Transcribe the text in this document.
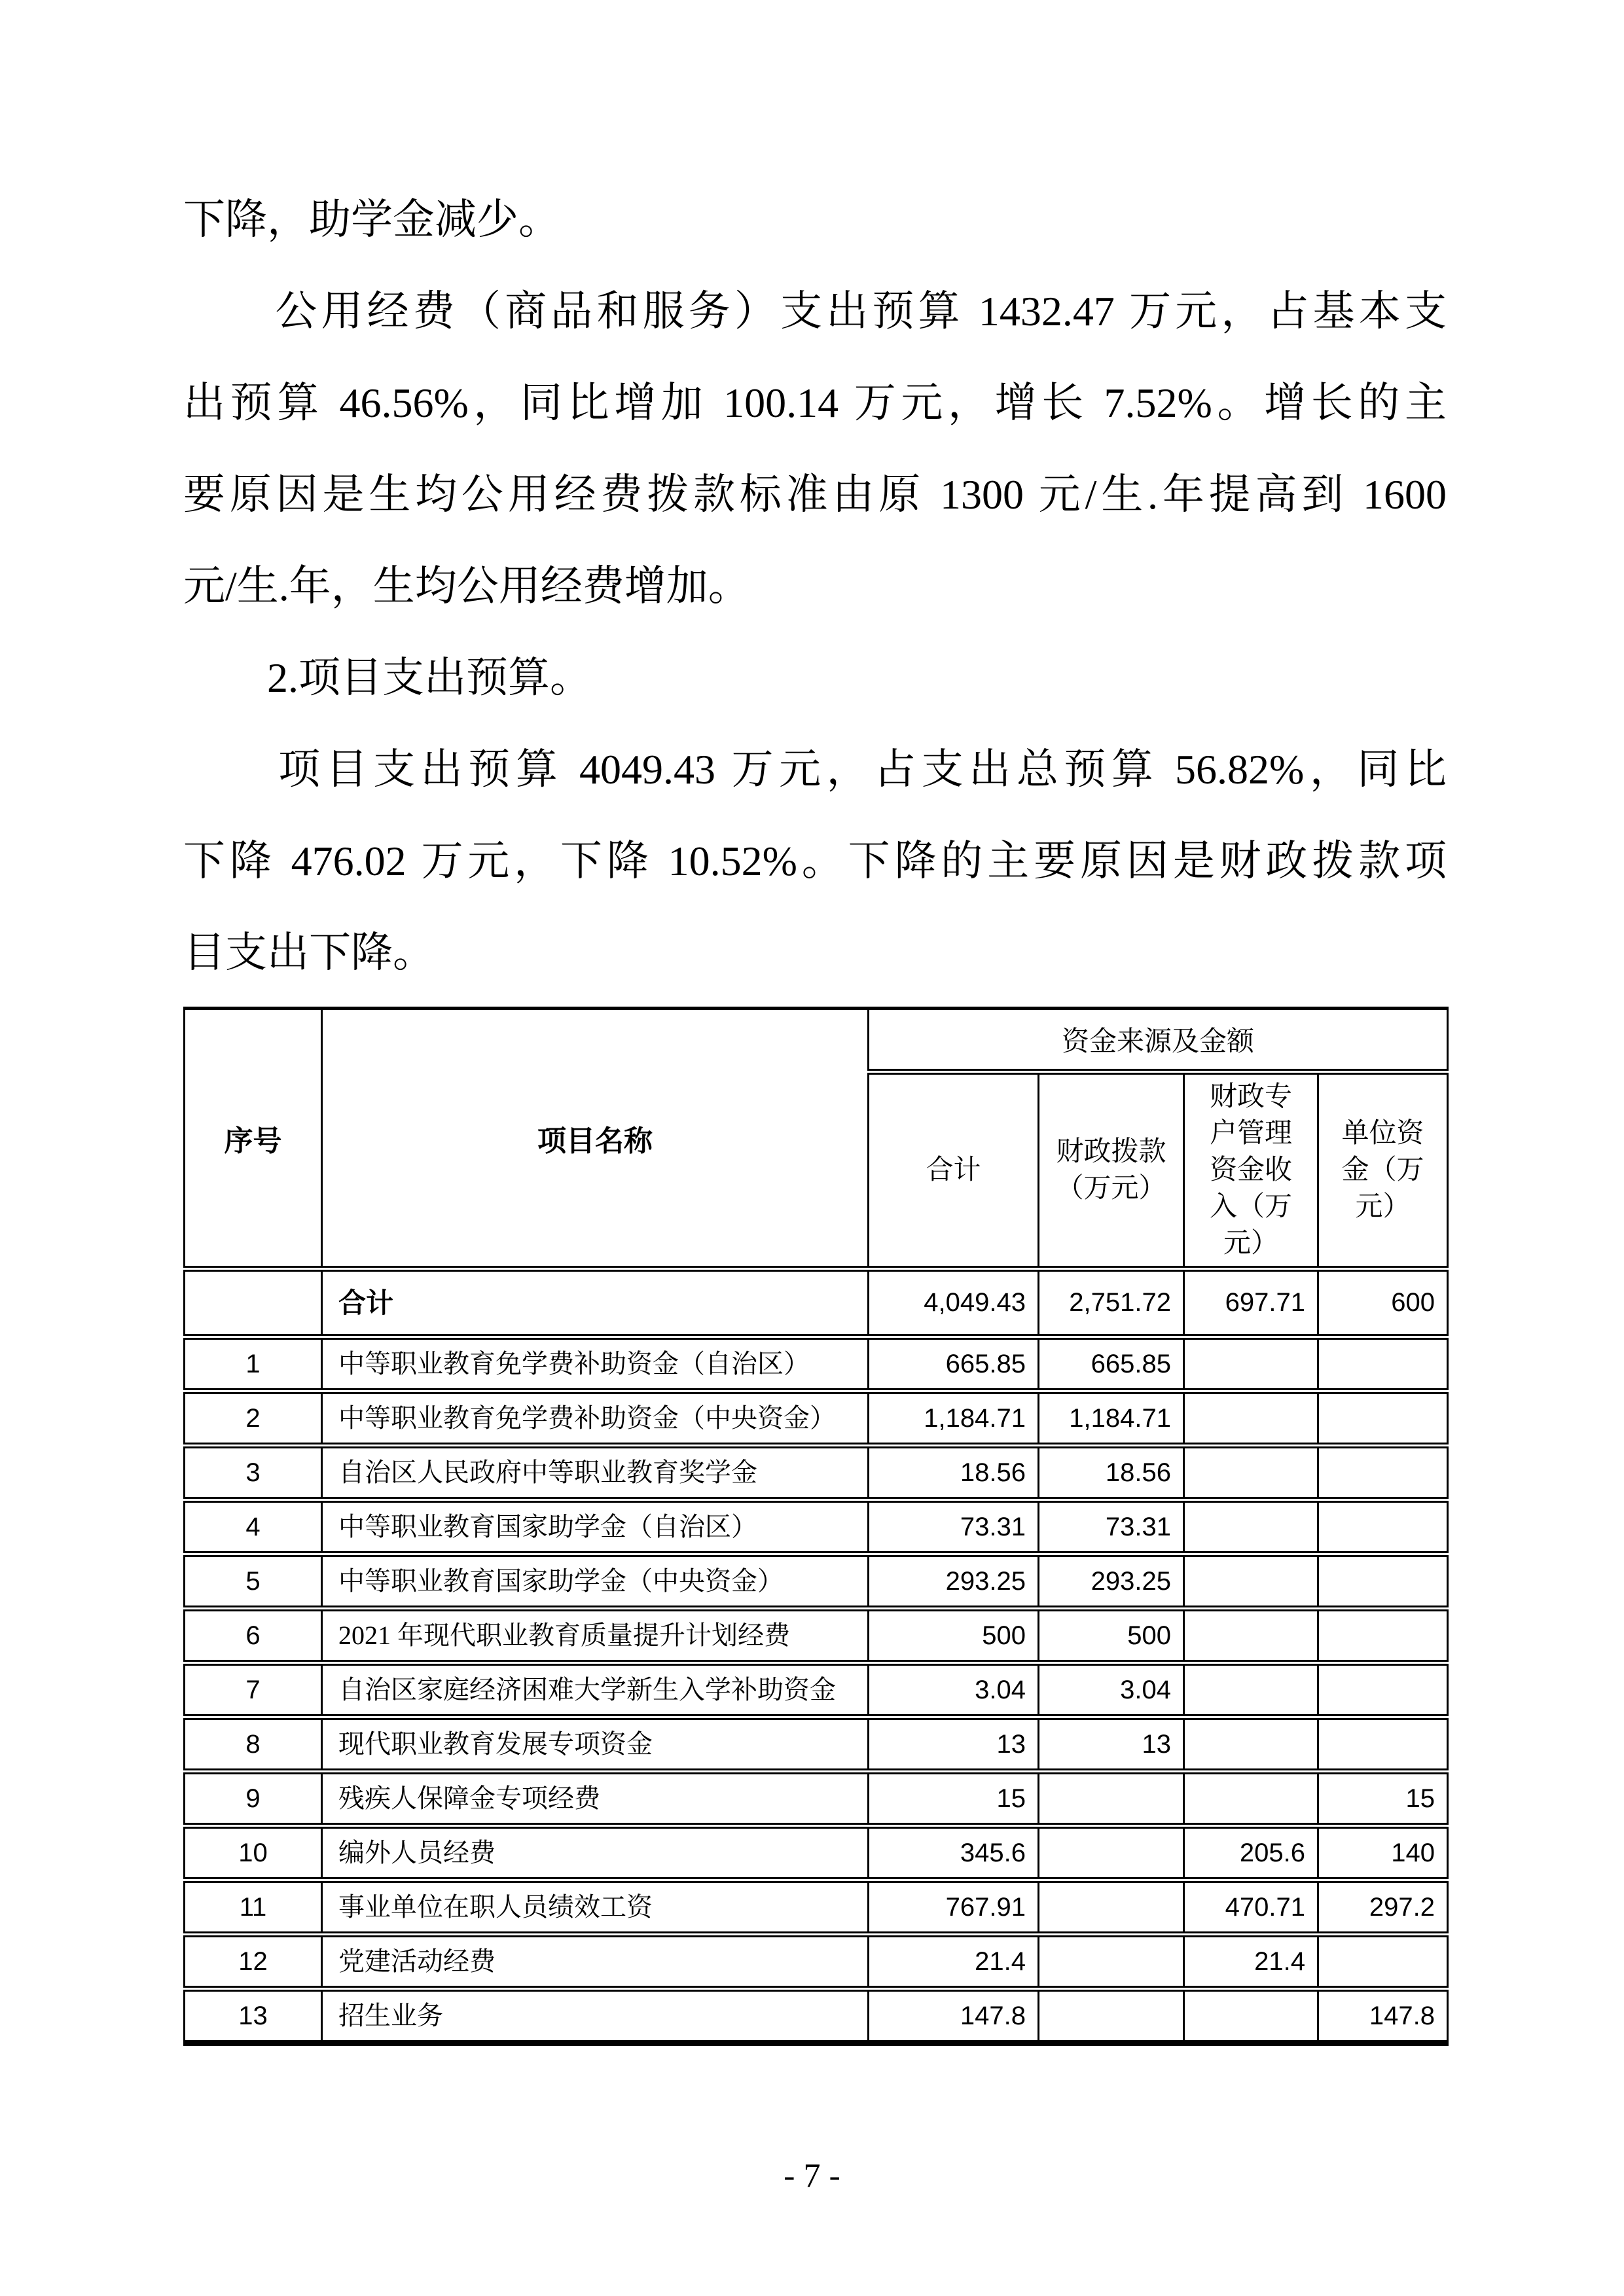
下降，助学金减少。
　　公用经费（商品和服务）支出预算 1432.47 万元，占基本支
出预算 46.56%，同比增加 100.14 万元，增长 7.52%。增长的主
要原因是生均公用经费拨款标准由原 1300 元/生.年提高到 1600
元/生.年，生均公用经费增加。
　　2.项目支出预算。
　　项目支出预算 4049.43 万元，占支出总预算 56.82%，同比
下降 476.02 万元，下降 10.52%。下降的主要原因是财政拨款项
目支出下降。
序号	项目名称	资金来源及金额			
		合计	财政拨款（万元）	财政专户管理资金收入（万元）	单位资金（万元）
	合计	4,049.43	2,751.72	697.71	600
1	中等职业教育免学费补助资金（自治区）	665.85	665.85		
2	中等职业教育免学费补助资金（中央资金）	1,184.71	1,184.71		
3	自治区人民政府中等职业教育奖学金	18.56	18.56		
4	中等职业教育国家助学金（自治区）	73.31	73.31		
5	中等职业教育国家助学金（中央资金）	293.25	293.25		
6	2021 年现代职业教育质量提升计划经费	500	500		
7	自治区家庭经济困难大学新生入学补助资金	3.04	3.04		
8	现代职业教育发展专项资金	13	13		
9	残疾人保障金专项经费	15			15
10	编外人员经费	345.6		205.6	140
11	事业单位在职人员绩效工资	767.91		470.71	297.2
12	党建活动经费	21.4		21.4	
13	招生业务	147.8			147.8
- 7 -
